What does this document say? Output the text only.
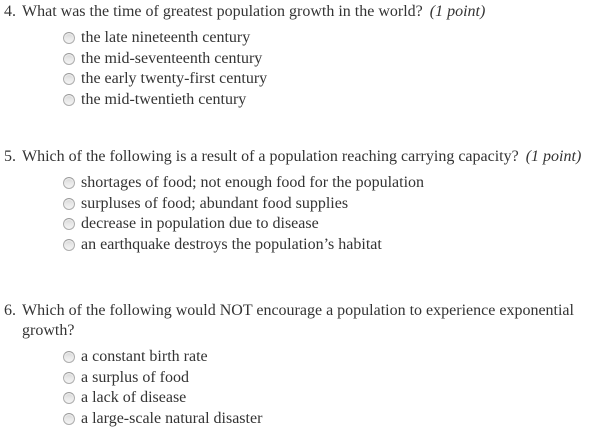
4. What was the time of greatest population growth in the world? (1 point)
the late nineteenth century
the mid-seventeenth century
the early twenty-first century
the mid-twentieth century
5. Which of the following is a result of a population reaching carrying capacity? (1 point)
shortages of food; not enough food for the population
surpluses of food; abundant food supplies
decrease in population due to disease
an earthquake destroys the population’s habitat
6. Which of the following would NOT encourage a population to experience exponential growth?
a constant birth rate
a surplus of food
a lack of disease
a large-scale natural disaster
